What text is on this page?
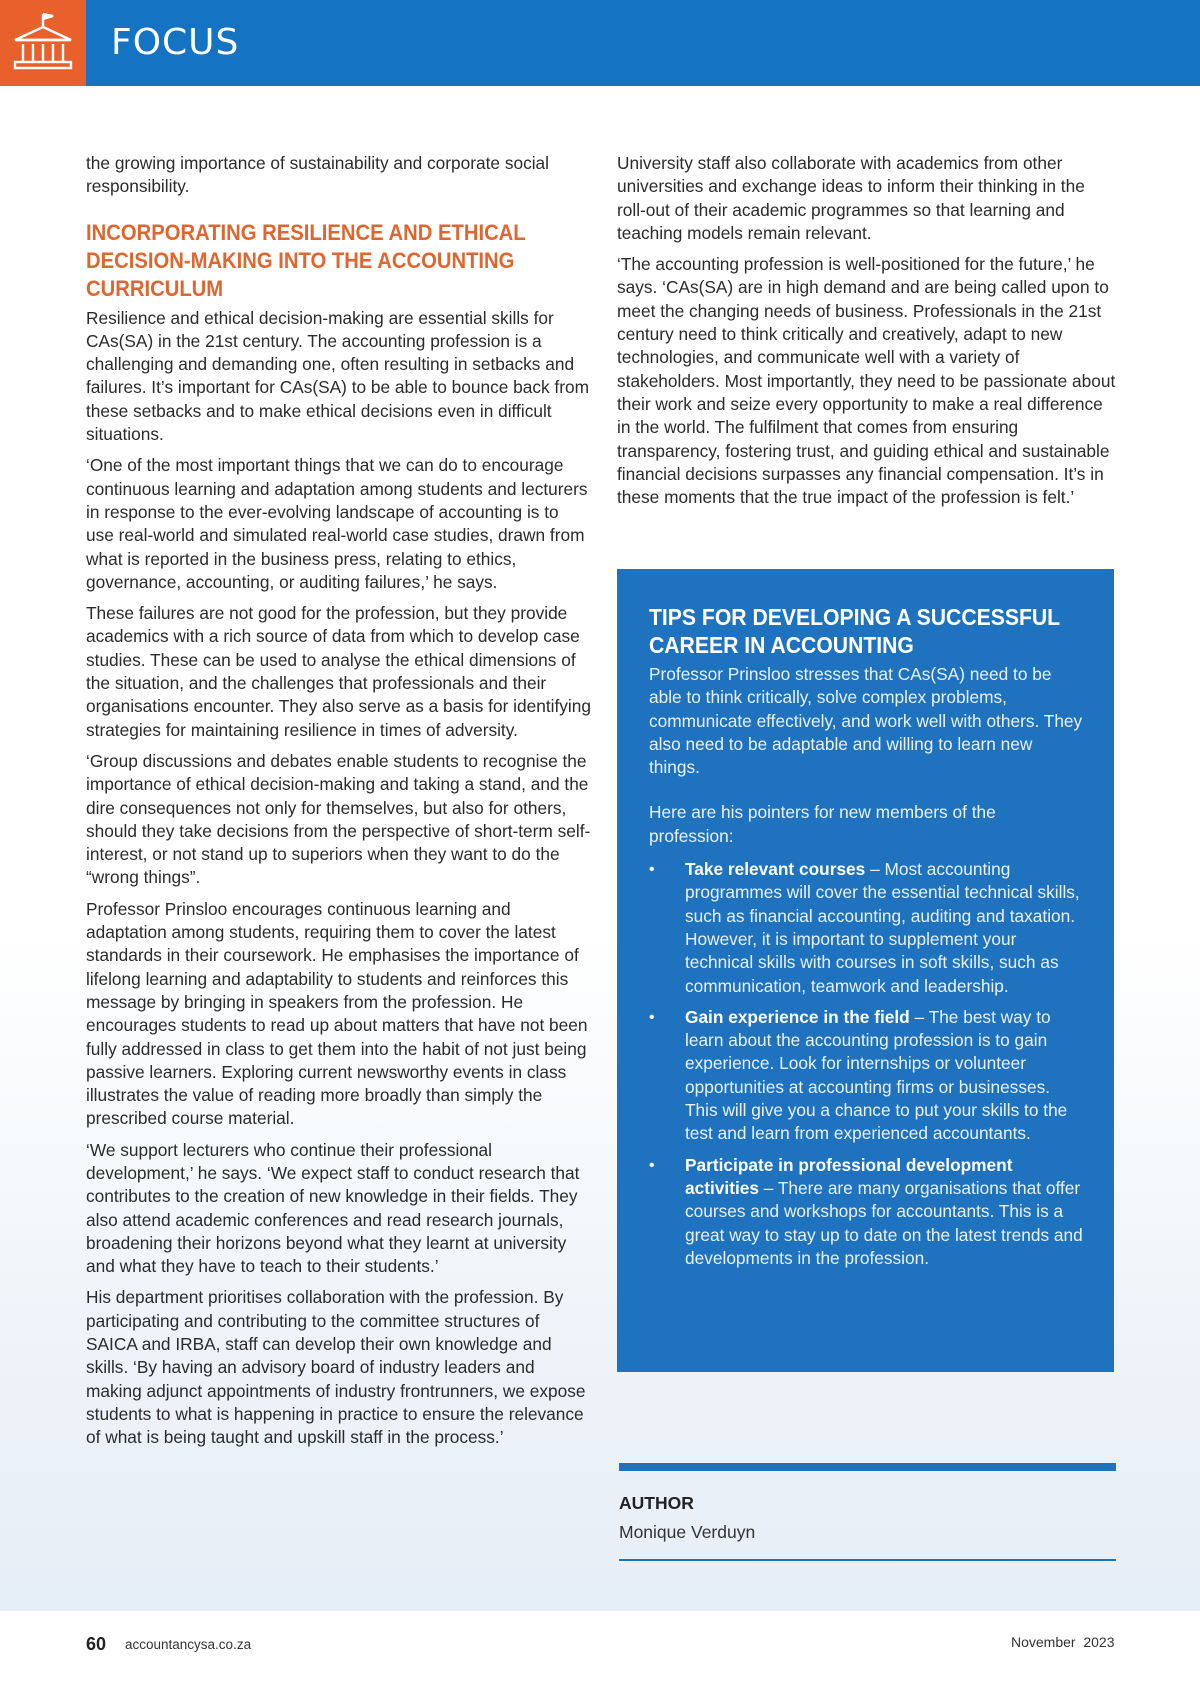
FOCUS

the growing importance of sustainability and corporate social responsibility.

INCORPORATING RESILIENCE AND ETHICAL DECISION-MAKING INTO THE ACCOUNTING CURRICULUM

Resilience and ethical decision-making are essential skills for CAs(SA) in the 21st century. The accounting profession is a challenging and demanding one, often resulting in setbacks and failures. It’s important for CAs(SA) to be able to bounce back from these setbacks and to make ethical decisions even in difficult situations.

‘One of the most important things that we can do to encourage continuous learning and adaptation among students and lecturers in response to the ever-evolving landscape of accounting is to use real-world and simulated real-world case studies, drawn from what is reported in the business press, relating to ethics, governance, accounting, or auditing failures,’ he says.

These failures are not good for the profession, but they provide academics with a rich source of data from which to develop case studies. These can be used to analyse the ethical dimensions of the situation, and the challenges that professionals and their organisations encounter. They also serve as a basis for identifying strategies for maintaining resilience in times of adversity.

‘Group discussions and debates enable students to recognise the importance of ethical decision-making and taking a stand, and the dire consequences not only for themselves, but also for others, should they take decisions from the perspective of short-term self-interest, or not stand up to superiors when they want to do the “wrong things”.

Professor Prinsloo encourages continuous learning and adaptation among students, requiring them to cover the latest standards in their coursework. He emphasises the importance of lifelong learning and adaptability to students and reinforces this message by bringing in speakers from the profession. He encourages students to read up about matters that have not been fully addressed in class to get them into the habit of not just being passive learners. Exploring current newsworthy events in class illustrates the value of reading more broadly than simply the prescribed course material.

‘We support lecturers who continue their professional development,’ he says. ‘We expect staff to conduct research that contributes to the creation of new knowledge in their fields. They also attend academic conferences and read research journals, broadening their horizons beyond what they learnt at university and what they have to teach to their students.’

His department prioritises collaboration with the profession. By participating and contributing to the committee structures of SAICA and IRBA, staff can develop their own knowledge and skills. ‘By having an advisory board of industry leaders and making adjunct appointments of industry frontrunners, we expose students to what is happening in practice to ensure the relevance of what is being taught and upskill staff in the process.’

University staff also collaborate with academics from other universities and exchange ideas to inform their thinking in the roll-out of their academic programmes so that learning and teaching models remain relevant.

‘The accounting profession is well-positioned for the future,’ he says. ‘CAs(SA) are in high demand and are being called upon to meet the changing needs of business. Professionals in the 21st century need to think critically and creatively, adapt to new technologies, and communicate well with a variety of stakeholders. Most importantly, they need to be passionate about their work and seize every opportunity to make a real difference in the world. The fulfilment that comes from ensuring transparency, fostering trust, and guiding ethical and sustainable financial decisions surpasses any financial compensation. It’s in these moments that the true impact of the profession is felt.’

TIPS FOR DEVELOPING A SUCCESSFUL CAREER IN ACCOUNTING

Professor Prinsloo stresses that CAs(SA) need to be able to think critically, solve complex problems, communicate effectively, and work well with others. They also need to be adaptable and willing to learn new things.

Here are his pointers for new members of the profession:

• Take relevant courses – Most accounting programmes will cover the essential technical skills, such as financial accounting, auditing and taxation. However, it is important to supplement your technical skills with courses in soft skills, such as communication, teamwork and leadership.
• Gain experience in the field – The best way to learn about the accounting profession is to gain experience. Look for internships or volunteer opportunities at accounting firms or businesses. This will give you a chance to put your skills to the test and learn from experienced accountants.
• Participate in professional development activities – There are many organisations that offer courses and workshops for accountants. This is a great way to stay up to date on the latest trends and developments in the profession.
AUTHOR
Monique Verduyn
60 accountancysa.co.za	November  2023
